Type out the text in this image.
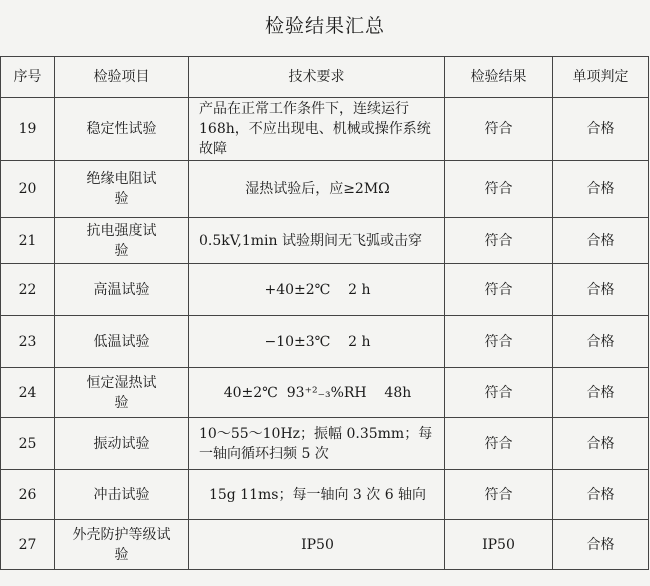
检验结果汇总
序号	检验项目	技术要求	检验结果	单项判定
19	稳定性试验	产品在正常工作条件下，连续运行 168h，不应出现电、机械或操作系统故障	符合	合格
20	绝缘电阻试验	湿热试验后，应≥2MΩ	符合	合格
21	抗电强度试验	0.5kV,1min 试验期间无飞弧或击穿	符合	合格
22	高温试验	+40±2℃    2 h	符合	合格
23	低温试验	−10±3℃    2 h	符合	合格
24	恒定湿热试验	40±2℃  93⁺²₋₃%RH    48h	符合	合格
25	振动试验	10～55～10Hz；振幅 0.35mm；每一轴向循环扫频 5 次	符合	合格
26	冲击试验	15g 11ms；每一轴向 3 次 6 轴向	符合	合格
27	外壳防护等级试验	IP50	IP50	合格
